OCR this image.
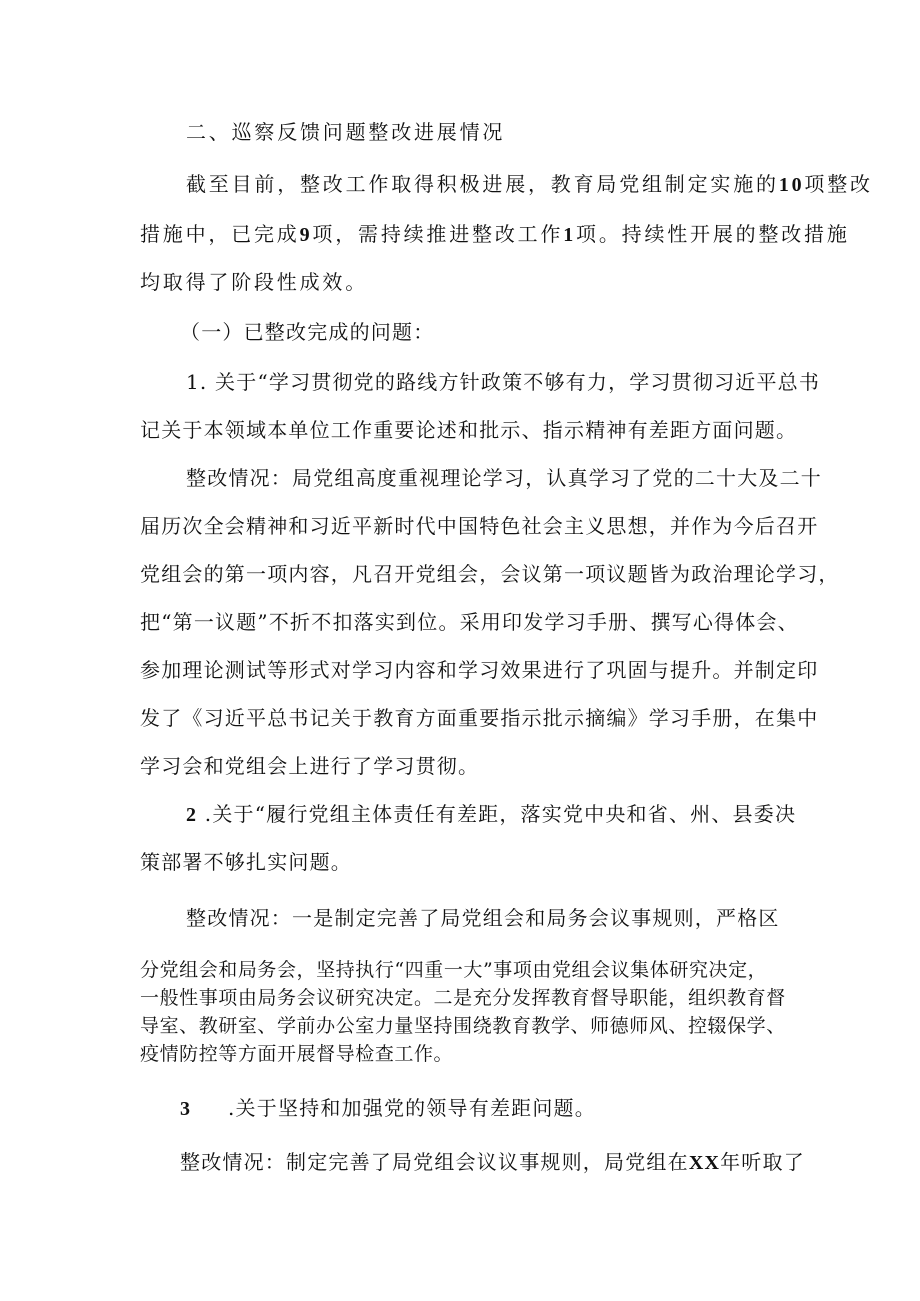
二、巡察反馈问题整改进展情况

截至目前，整改工作取得积极进展，教育局党组制定实施的10项整改

措施中，已完成9项，需持续推进整改工作1项。持续性开展的整改措施

均取得了阶段性成效。

（一）已整改完成的问题：

1. 关于“学习贯彻党的路线方针政策不够有力，学习贯彻习近平总书

记关于本领域本单位工作重要论述和批示、指示精神有差距方面问题。

整改情况：局党组高度重视理论学习，认真学习了党的二十大及二十

届历次全会精神和习近平新时代中国特色社会主义思想，并作为今后召开

党组会的第一项内容，凡召开党组会，会议第一项议题皆为政治理论学习，

把“第一议题”不折不扣落实到位。采用印发学习手册、撰写心得体会、

参加理论测试等形式对学习内容和学习效果进行了巩固与提升。并制定印

发了《习近平总书记关于教育方面重要指示批示摘编》学习手册，在集中

学习会和党组会上进行了学习贯彻。

2 .关于“履行党组主体责任有差距，落实党中央和省、州、县委决

策部署不够扎实问题。

整改情况：一是制定完善了局党组会和局务会议事规则，严格区

分党组会和局务会，坚持执行“四重一大”事项由党组会议集体研究决定，

一般性事项由局务会议研究决定。二是充分发挥教育督导职能，组织教育督

导室、教研室、学前办公室力量坚持围绕教育教学、师德师风、控辍保学、

疫情防控等方面开展督导检查工作。

3 .关于坚持和加强党的领导有差距问题。

整改情况：制定完善了局党组会议议事规则，局党组在XX年听取了
